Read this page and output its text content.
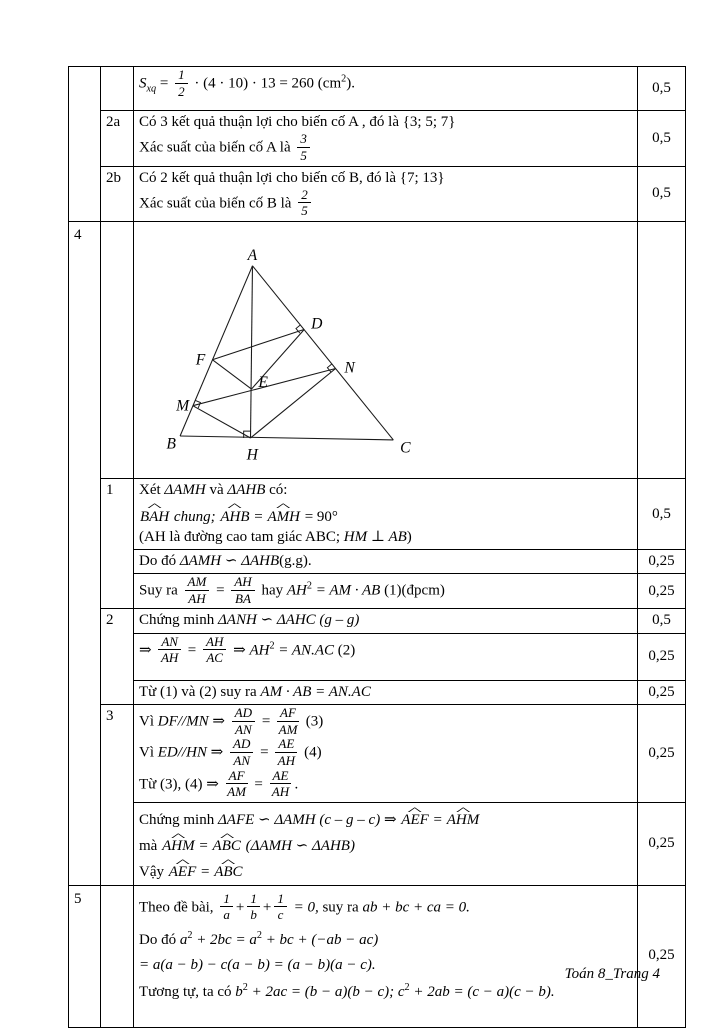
		$S_{xq} = \frac{1}{2} \cdot (4 \cdot 10) \cdot 13 = 260$ $(cm^2)$.	0,5
	2a	Có 3 kết quả thuận lợi cho biến cố A , đó là {3; 5; 7}
Xác suất của biến cố A là $\frac{3}{5}$	0,5
	2b	Có 2 kết quả thuận lợi cho biến cố B, đó là {7; 13}
Xác suất của biến cố B là $\frac{2}{5}$	0,5
4		
A
B	C
H
D
F	N
E
M

	1	Xét ΔAMH và ΔAHB có:
^ BAH chung; ^ AHB = ^ AMH = 90°
(AH là đường cao tam giác ABC; HM ⊥ AB)	0,5

		Do đó ΔAMH ∽ ΔAHB(g.g).	0,25

Suy ra $\frac{AM}{AH} = \frac{AH}{BA}$ hay $AH^2$ = AM · AB (1)(đpcm)	0,25
	2	Chứng minh ΔANH ∽ ΔAHC (g – g)	0,5

⇒ $\frac{AN}{AH} = \frac{AH}{AC}$ ⇒ $AH^2 = AN.AC$ (2)	0,25

		Từ (1) và (2) suy ra AM · AB = AN.AC	0,25
3	Vì DF//MN ⇒ $\frac{AD}{AN} = \frac{AF}{AM} (3)$
Vì ED//HN ⇒ $\frac{AD}{AN} = \frac{AE}{AH} (4)$
Từ (3), (4) ⇒ $\frac{AF}{AM} = \frac{AE}{AH}$ .
	0,25

		Chứng minh ΔAFE ∽ ΔAMH (c – g – c) ⇒ ^ AEF = ^ AHM
mà ^ AHM = ^ ABC (ΔAMH ∽ ΔAHB)
Vậy ^ AEF = ^ ABC	0,25
5		
Theo đề bài, $\frac{1}{a} + \frac{1}{b} + \frac{1}{c} = 0$, suy ra ab + bc + ca = 0.
Do đó $a^2 + 2bc = a^2$ + bc + (−ab − ac)
= a(a − b) − c(a − b) = (a − b)(a − c).
Tương tự, ta có $b^2 + 2ac = (b - a)(b - c)$; $c^2 + 2ab = (c - a)(c - b)$.
	0,25
Toán 8_Trang 4
